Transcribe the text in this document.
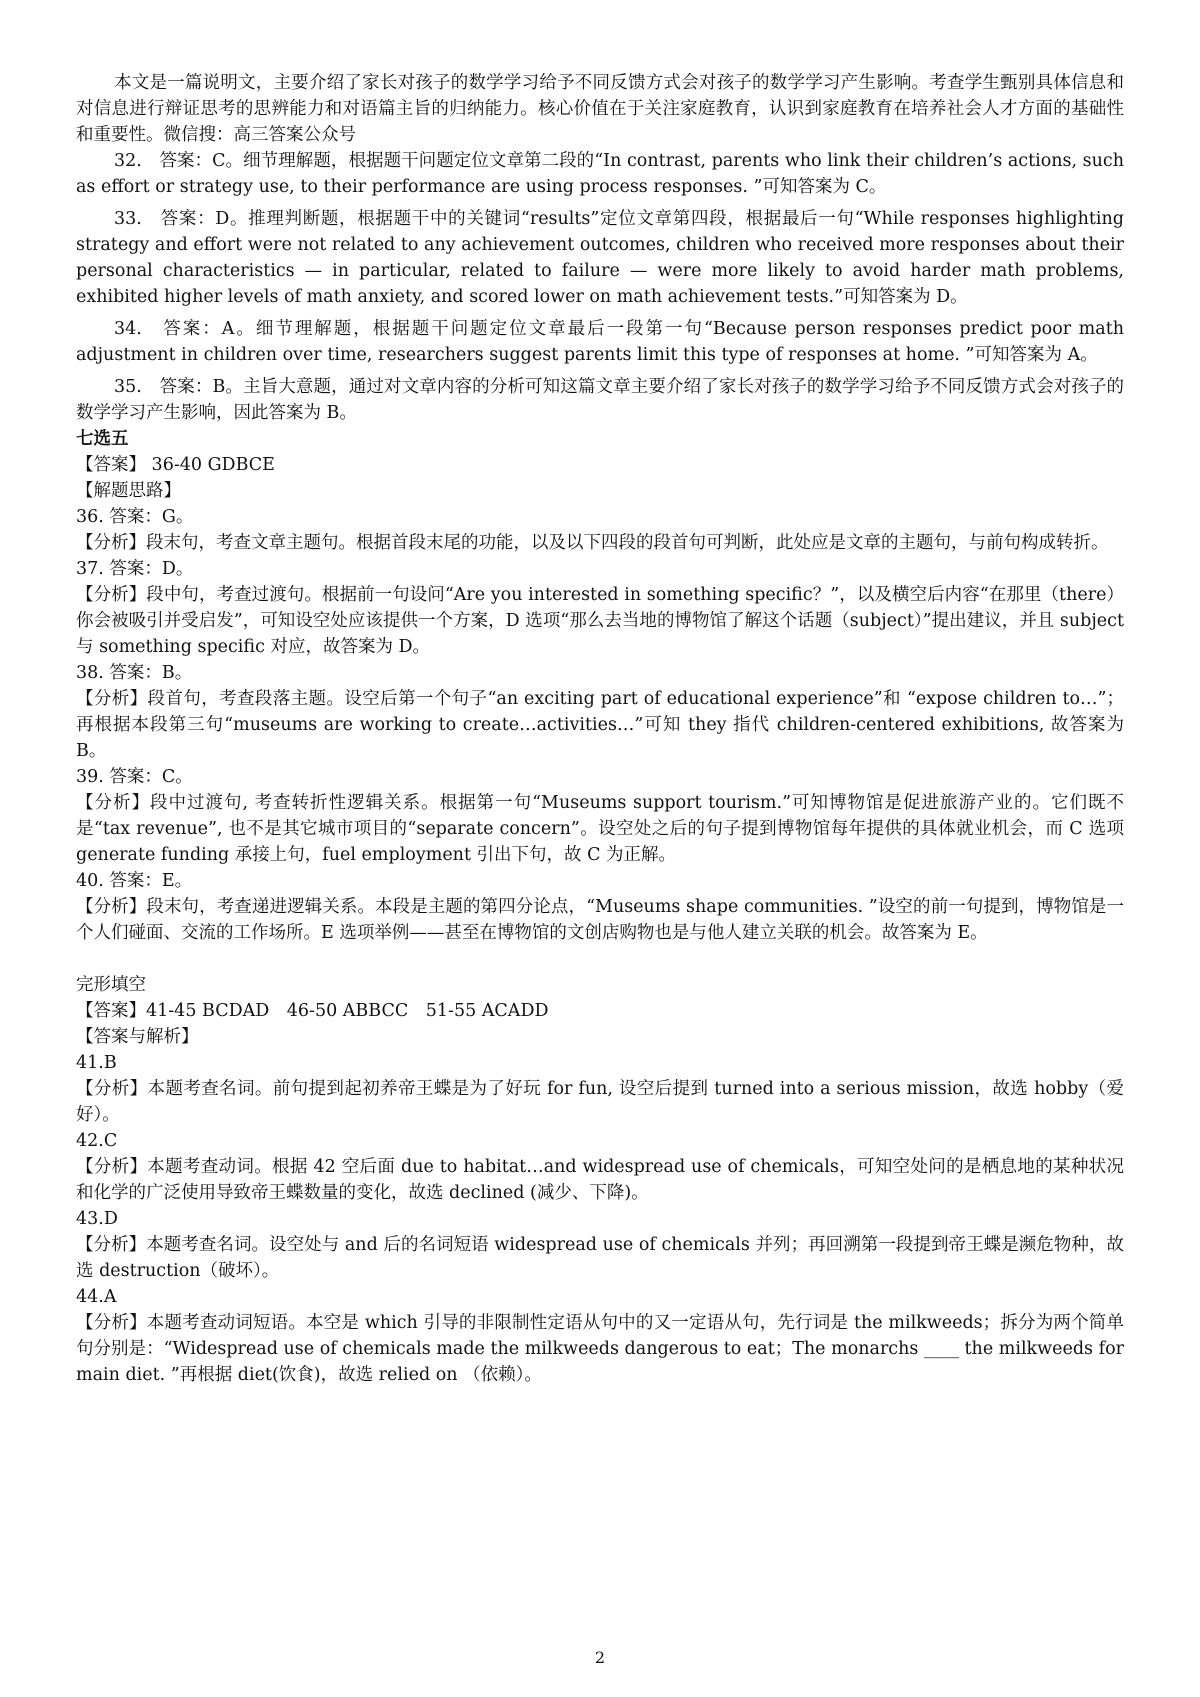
本文是一篇说明文，主要介绍了家长对孩子的数学学习给予不同反馈方式会对孩子的数学学习产生影响。考查学生甄别具体信息和对信息进行辩证思考的思辨能力和对语篇主旨的归纳能力。核心价值在于关注家庭教育，认识到家庭教育在培养社会人才方面的基础性和重要性。微信搜：高三答案公众号

32.　答案：C。细节理解题，根据题干问题定位文章第二段的“In contrast, parents who link their children’s actions, such as effort or strategy use, to their performance are using process responses. ”可知答案为 C。

33.　答案：D。推理判断题，根据题干中的关键词“results”定位文章第四段，根据最后一句“While responses highlighting strategy and effort were not related to any achievement outcomes, children who received more responses about their personal characteristics — in particular, related to failure — were more likely to avoid harder math problems, exhibited higher levels of math anxiety, and scored lower on math achievement tests.”可知答案为 D。

34.　答案：A。细节理解题，根据题干问题定位文章最后一段第一句“Because person responses predict poor math adjustment in children over time, researchers suggest parents limit this type of responses at home. ”可知答案为 A。

35.　答案：B。主旨大意题，通过对文章内容的分析可知这篇文章主要介绍了家长对孩子的数学学习给予不同反馈方式会对孩子的数学学习产生影响，因此答案为 B。

七选五

【答案】 36-40 GDBCE

【解题思路】

36. 答案：G。

【分析】段末句，考查文章主题句。根据首段末尾的功能，以及以下四段的段首句可判断，此处应是文章的主题句，与前句构成转折。

37. 答案：D。

【分析】段中句，考查过渡句。根据前一句设问“Are you interested in something specific？”，以及横空后内容“在那里（there）你会被吸引并受启发”，可知设空处应该提供一个方案，D 选项“那么去当地的博物馆了解这个话题（subject）”提出建议，并且 subject 与 something specific 对应，故答案为 D。

38. 答案：B。

【分析】段首句，考查段落主题。设空后第一个句子“an exciting part of educational experience”和 “expose children to…”；再根据本段第三句“museums are working to create…activities…”可知 they 指代 children-centered exhibitions, 故答案为 B。

39. 答案：C。

【分析】段中过渡句, 考查转折性逻辑关系。根据第一句“Museums support tourism.”可知博物馆是促进旅游产业的。它们既不是“tax revenue”, 也不是其它城市项目的“separate concern”。设空处之后的句子提到博物馆每年提供的具体就业机会，而 C 选项 generate funding 承接上句，fuel employment 引出下句，故 C 为正解。

40. 答案：E。

【分析】段末句，考查递进逻辑关系。本段是主题的第四分论点，“Museums shape communities. ”设空的前一句提到，博物馆是一个人们碰面、交流的工作场所。E 选项举例——甚至在博物馆的文创店购物也是与他人建立关联的机会。故答案为 E。

完形填空

【答案】41-45 BCDAD　46-50 ABBCC　51-55 ACADD

【答案与解析】

41.B

【分析】本题考查名词。前句提到起初养帝王蝶是为了好玩 for fun, 设空后提到 turned into a serious mission，故选 hobby（爱好）。

42.C

【分析】本题考查动词。根据 42 空后面 due to habitat…and widespread use of chemicals，可知空处问的是栖息地的某种状况和化学的广泛使用导致帝王蝶数量的变化，故选 declined (减少、下降)。

43.D

【分析】本题考查名词。设空处与 and 后的名词短语 widespread use of chemicals 并列；再回溯第一段提到帝王蝶是濒危物种，故选 destruction（破坏）。

44.A

【分析】本题考查动词短语。本空是 which 引导的非限制性定语从句中的又一定语从句，先行词是 the milkweeds；拆分为两个简单句分别是：“Widespread use of chemicals made the milkweeds dangerous to eat；The monarchs ____ the milkweeds for main diet. ”再根据 diet(饮食)，故选 relied on （依赖）。

2
